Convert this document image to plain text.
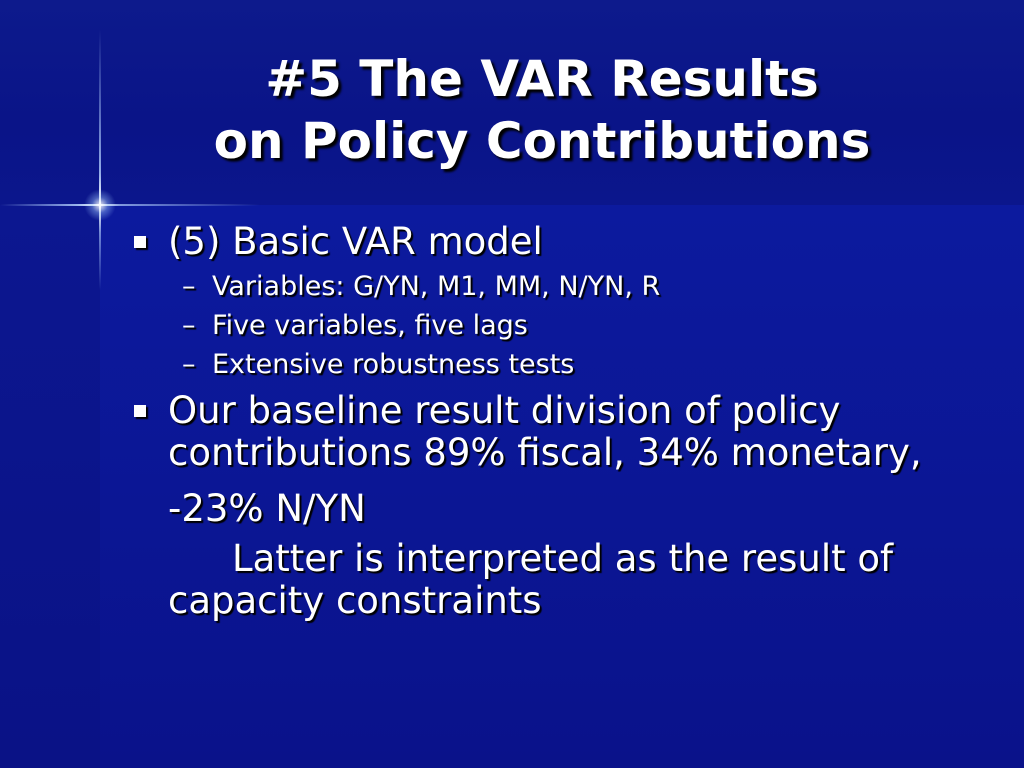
#5 The VAR Results
on Policy Contributions
(5) Basic VAR model
– Variables: G/YN, M1, MM, N/YN, R
– Five variables, five lags
– Extensive robustness tests
Our baseline result division of policy contributions 89% fiscal, 34% monetary,
-23% N/YN
Latter is interpreted as the result of capacity constraints
